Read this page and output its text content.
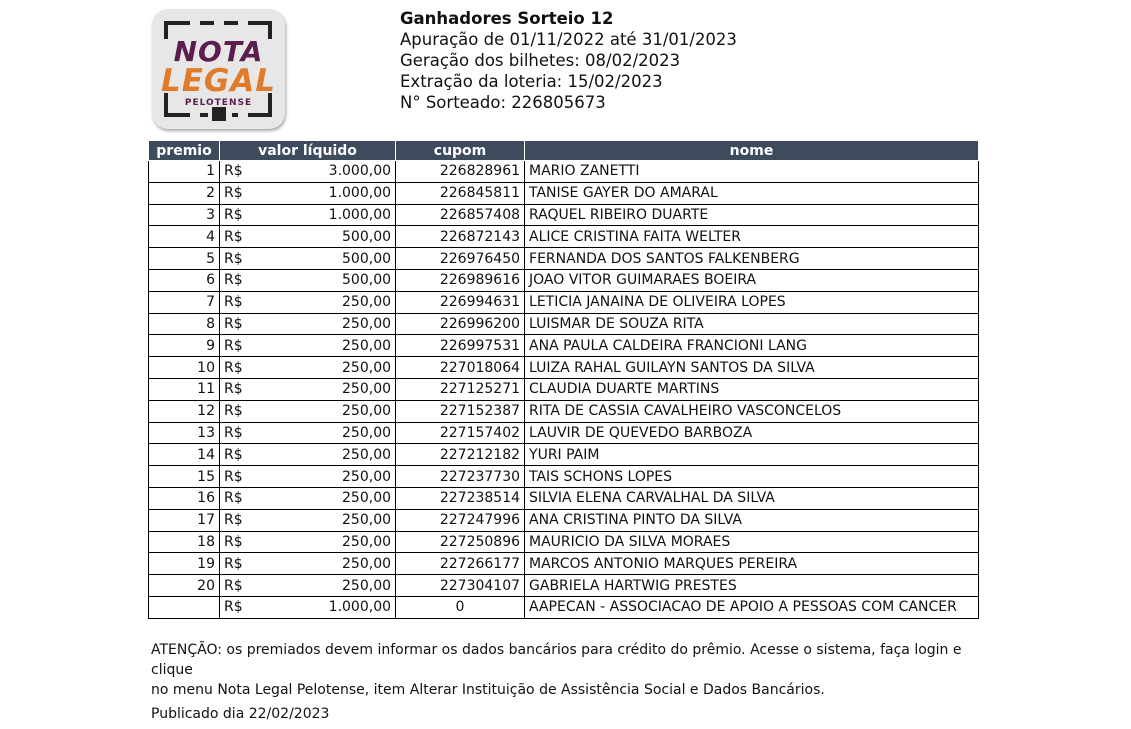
NOTA
LEGAL
PELOTENSE
Ganhadores Sorteio 12
Apuração de 01/11/2022 até 31/01/2023
Geração dos bilhetes: 08/02/2023
Extração da loteria: 15/02/2023
N° Sorteado: 226805673
premio	valor líquido		cupom	nome
1	R$	3.000,00	226828961	MARIO ZANETTI
2	R$	1.000,00	226845811	TANISE GAYER DO AMARAL
3	R$	1.000,00	226857408	RAQUEL RIBEIRO DUARTE
4	R$	500,00	226872143	ALICE CRISTINA FAITA WELTER
5	R$	500,00	226976450	FERNANDA DOS SANTOS FALKENBERG
6	R$	500,00	226989616	JOAO VITOR GUIMARAES BOEIRA
7	R$	250,00	226994631	LETICIA JANAINA DE OLIVEIRA LOPES
8	R$	250,00	226996200	LUISMAR DE SOUZA RITA
9	R$	250,00	226997531	ANA PAULA CALDEIRA FRANCIONI LANG
10	R$	250,00	227018064	LUIZA RAHAL GUILAYN SANTOS DA SILVA
11	R$	250,00	227125271	CLAUDIA DUARTE MARTINS
12	R$	250,00	227152387	RITA DE CASSIA CAVALHEIRO VASCONCELOS
13	R$	250,00	227157402	LAUVIR DE QUEVEDO BARBOZA
14	R$	250,00	227212182	YURI PAIM
15	R$	250,00	227237730	TAIS SCHONS LOPES
16	R$	250,00	227238514	SILVIA ELENA CARVALHAL DA SILVA
17	R$	250,00	227247996	ANA CRISTINA PINTO DA SILVA
18	R$	250,00	227250896	MAURICIO DA SILVA MORAES
19	R$	250,00	227266177	MARCOS ANTONIO MARQUES PEREIRA
20	R$	250,00	227304107	GABRIELA HARTWIG PRESTES
	R$	1.000,00	0	AAPECAN - ASSOCIACAO DE APOIO A PESSOAS COM CANCER
ATENÇÃO: os premiados devem informar os dados bancários para crédito do prêmio. Acesse o sistema, faça login e clique
no menu Nota Legal Pelotense, item Alterar Instituição de Assistência Social e Dados Bancários.
Publicado dia 22/02/2023
